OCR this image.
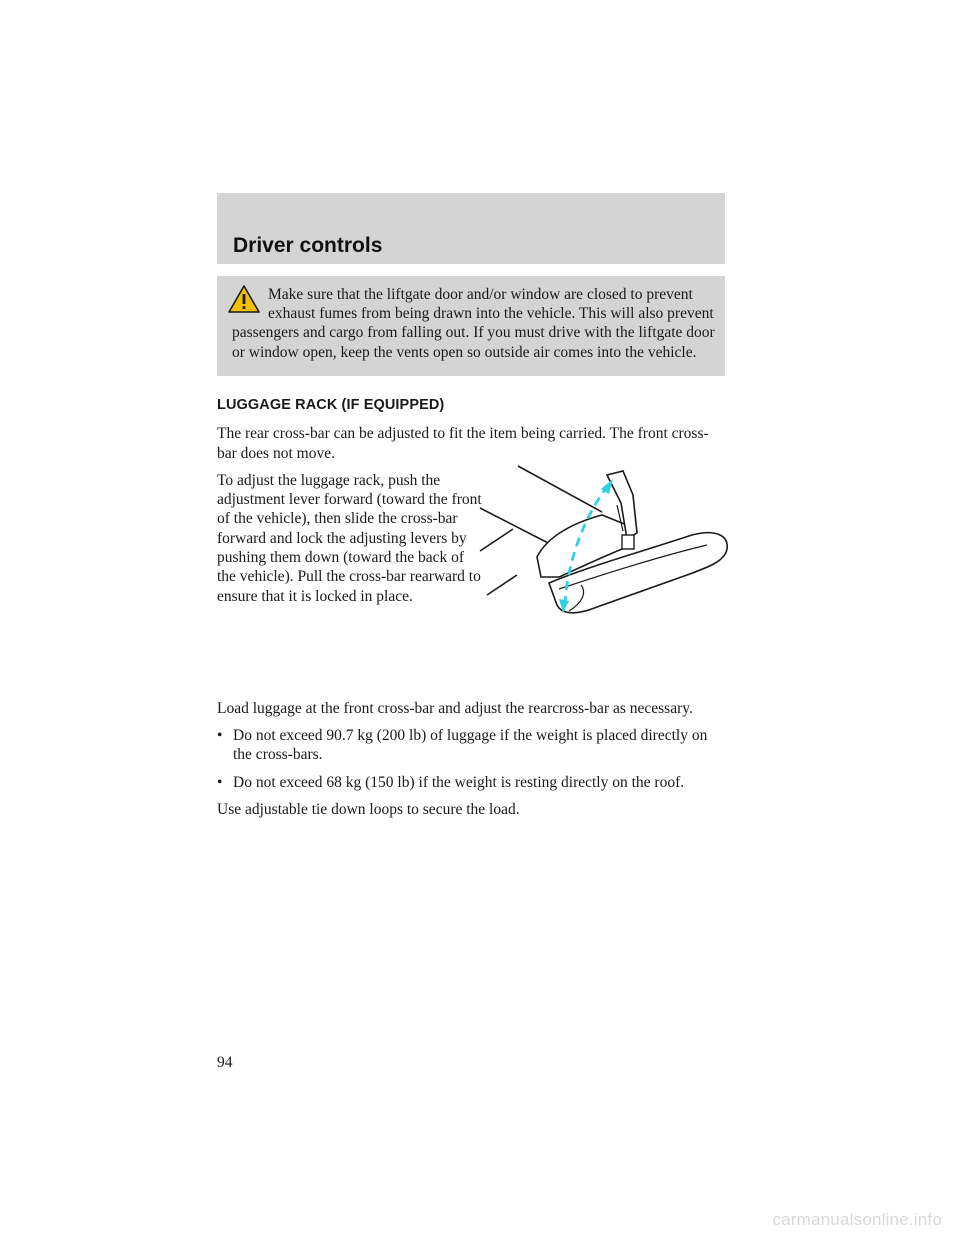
Driver controls

Make sure that the liftgate door and/or window are closed to prevent exhaust fumes from being drawn into the vehicle. This will also prevent passengers and cargo from falling out. If you must drive with the liftgate door or window open, keep the vents open so outside air comes into the vehicle.

LUGGAGE RACK (IF EQUIPPED)

The rear cross-bar can be adjusted to fit the item being carried. The front cross-bar does not move.

To adjust the luggage rack, push the adjustment lever forward (toward the front of the vehicle), then slide the cross-bar forward and lock the adjusting levers by pushing them down (toward the back of the vehicle). Pull the cross-bar rearward to ensure that it is locked in place.

Load luggage at the front cross-bar and adjust the rearcross-bar as necessary.

• Do not exceed 90.7 kg (200 lb) of luggage if the weight is placed directly on the cross-bars.
• Do not exceed 68 kg (150 lb) if the weight is resting directly on the roof.

Use adjustable tie down loops to secure the load.

94

carmanualsonline.info
